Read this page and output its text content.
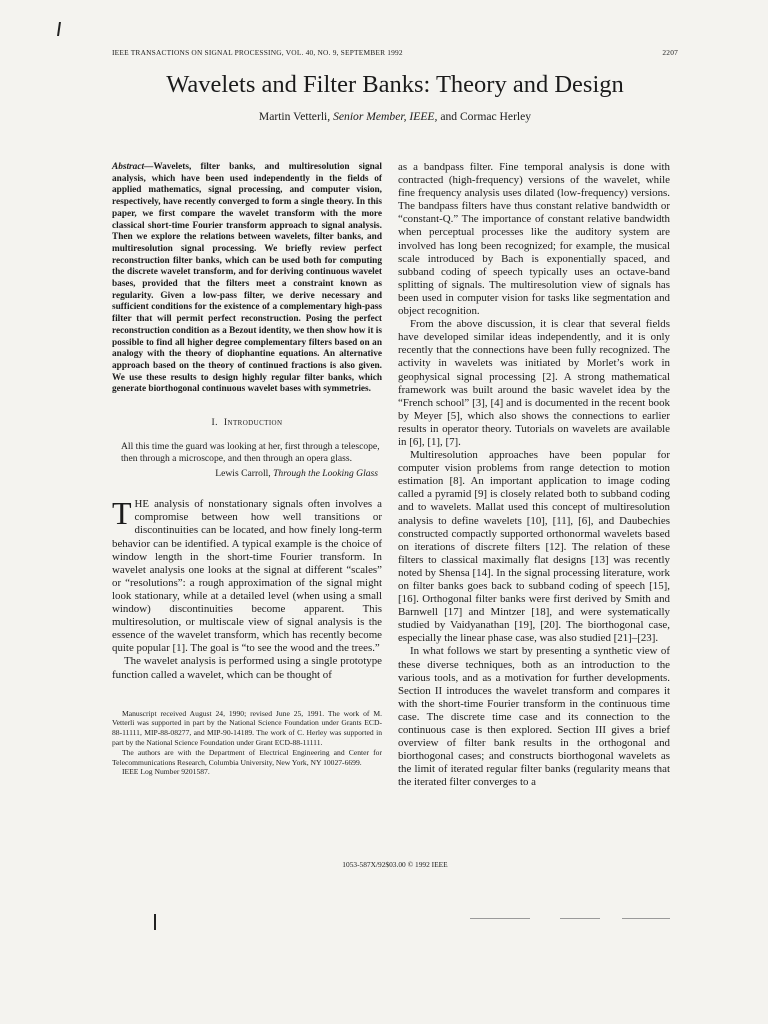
IEEE TRANSACTIONS ON SIGNAL PROCESSING, VOL. 40, NO. 9, SEPTEMBER 1992	2207
Wavelets and Filter Banks: Theory and Design
Martin Vetterli, Senior Member, IEEE, and Cormac Herley

Abstract—Wavelets, filter banks, and multiresolution signal analysis, which have been used independently in the fields of applied mathematics, signal processing, and computer vision, respectively, have recently converged to form a single theory. In this paper, we first compare the wavelet transform with the more classical short-time Fourier transform approach to signal analysis. Then we explore the relations between wavelets, filter banks, and multiresolution signal processing. We briefly review perfect reconstruction filter banks, which can be used both for computing the discrete wavelet transform, and for deriving continuous wavelet bases, provided that the filters meet a constraint known as regularity. Given a low-pass filter, we derive necessary and sufficient conditions for the existence of a complementary high-pass filter that will permit perfect reconstruction. Posing the perfect reconstruction condition as a Bezout identity, we then show how it is possible to find all higher degree complementary filters based on an analogy with the theory of diophantine equations. An alternative approach based on the theory of continued fractions is also given. We use these results to design highly regular filter banks, which generate biorthogonal continuous wavelet bases with symmetries.

I. Introduction

All this time the guard was looking at her, first through a telescope, then through a microscope, and then through an opera glass.

Lewis Carroll, Through the Looking Glass

THE analysis of nonstationary signals often involves a compromise between how well transitions or discontinuities can be located, and how finely long-term behavior can be identified. A typical example is the choice of window length in the short-time Fourier transform. In wavelet analysis one looks at the signal at different “scales” or “resolutions”: a rough approximation of the signal might look stationary, while at a detailed level (when using a small window) discontinuities become apparent. This multiresolution, or multiscale view of signal analysis is the essence of the wavelet transform, which has recently become quite popular [1]. The goal is “to see the wood and the trees.”

The wavelet analysis is performed using a single prototype function called a wavelet, which can be thought of

Manuscript received August 24, 1990; revised June 25, 1991. The work of M. Vetterli was supported in part by the National Science Foundation under Grants ECD-88-11111, MIP-88-08277, and MIP-90-14189. The work of C. Herley was supported in part by the National Science Foundation under Grant ECD-88-11111.

The authors are with the Department of Electrical Engineering and Center for Telecommunications Research, Columbia University, New York, NY 10027-6699.

IEEE Log Number 9201587.

as a bandpass filter. Fine temporal analysis is done with contracted (high-frequency) versions of the wavelet, while fine frequency analysis uses dilated (low-frequency) versions. The bandpass filters have thus constant relative bandwidth or “constant-Q.” The importance of constant relative bandwidth when perceptual processes like the auditory system are involved has long been recognized; for example, the musical scale introduced by Bach is exponentially spaced, and subband coding of speech typically uses an octave-band splitting of signals. The multiresolution view of signals has been used in computer vision for tasks like segmentation and object recognition.

From the above discussion, it is clear that several fields have developed similar ideas independently, and it is only recently that the connections have been fully recognized. The activity in wavelets was initiated by Morlet’s work in geophysical signal processing [2]. A strong mathematical framework was built around the basic wavelet idea by the “French school” [3], [4] and is documented in the recent book by Meyer [5], which also shows the connections to earlier results in operator theory. Tutorials on wavelets are available in [6], [1], [7].

Multiresolution approaches have been popular for computer vision problems from range detection to motion estimation [8]. An important application to image coding called a pyramid [9] is closely related both to subband coding and to wavelets. Mallat used this concept of multiresolution analysis to define wavelets [10], [11], [6], and Daubechies constructed compactly supported orthonormal wavelets based on iterations of discrete filters [12]. The relation of these filters to classical maximally flat designs [13] was recently noted by Shensa [14]. In the signal processing literature, work on filter banks goes back to subband coding of speech [15], [16]. Orthogonal filter banks were first derived by Smith and Barnwell [17] and Mintzer [18], and were systematically studied by Vaidyanathan [19], [20]. The biorthogonal case, especially the linear phase case, was also studied [21]–[23].

In what follows we start by presenting a synthetic view of these diverse techniques, both as an introduction to the various tools, and as a motivation for further developments. Section II introduces the wavelet transform and compares it with the short-time Fourier transform in the continuous time case. The discrete time case and its connection to the continuous case is then explored. Section III gives a brief overview of filter bank results in the orthogonal and biorthogonal cases; and constructs biorthogonal wavelets as the limit of iterated regular filter banks (regularity means that the iterated filter converges to a

1053-587X/92$03.00 © 1992 IEEE
